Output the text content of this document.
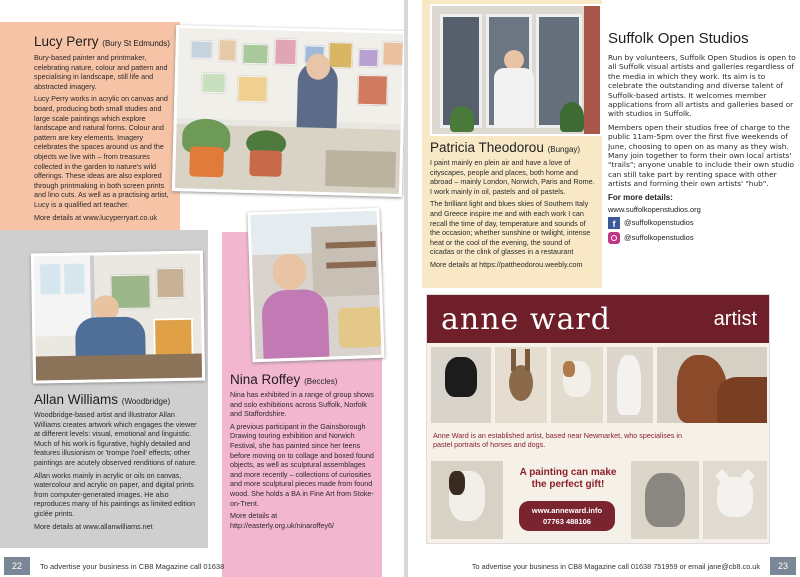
Lucy Perry (Bury St Edmunds)

Bury-based painter and printmaker, celebrating nature, colour and pattern and specialising in landscape, still life and abstracted imagery.

Lucy Perry works in acrylic on canvas and board, producing both small studies and large scale paintings which explore landscape and natural forms. Colour and pattern are key elements. Imagery celebrates the spaces around us and the objects we live with – from treasures collected in the garden to nature's wild offerings. These ideas are also explored through printmaking in both screen prints and lino cuts. As well as a practising artist, Lucy is a qualified art teacher.

More details at www.lucyperryart.co.uk

Allan Williams (Woodbridge)

Woodbridge-based artist and illustrator Allan Williams creates artwork which engages the viewer at different levels: visual, emotional and linguistic. Much of his work is figurative, highly detailed and features illusionism or 'trompe l'oeil' effects; other paintings are acutely observed renditions of nature.

Allan works mainly in acrylic or oils on canvas, watercolour and acrylic on paper, and digital prints from computer-generated images. He also reproduces many of his paintings as limited edition giclée prints.

More details at www.allanwilliams.net

Nina Roffey (Beccles)

Nina has exhibited in a range of group shows and solo exhibitions across Suffolk, Norfolk and Staffordshire.

A previous participant in the Gainsborough Drawing touring exhibition and Norwich Festival, she has painted since her teens before moving on to collage and boxed found objects, as well as sculptural assemblages and more recently – collections of curiosities and more sculptural pieces made from found wood. She holds a BA in Fine Art from Stoke-on-Trent.

More details at http://easterly.org.uk/ninaroffey6/

22	To advertise your business in CB8 Magazine call 01638
Patricia Theodorou (Bungay)

I paint mainly en plein air and have a love of cityscapes, people and places, both home and abroad – mainly London, Norwich, Paris and Rome. I work mainly in oil, pastels and oil pastels.

The brilliant light and blues skies of Southern Italy and Greece inspire me and with each work I can recall the time of day, temperature and sounds of the occasion; whether sunshine or twilight, intense heat or the cool of the evening, the sound of cicadas or the clink of glasses in a restaurant

More details at https://pattheodorou.weebly.com

Suffolk Open Studios

Run by volunteers, Suffolk Open Studios is open to all Suffolk visual artists and galleries regardless of the media in which they work. Its aim is to celebrate the outstanding and diverse talent of Suffolk-based artists. It welcomes member applications from all artists and galleries based or with studios in Suffolk.

Members open their studios free of charge to the public 11am-5pm over the first five weekends of June, choosing to open on as many as they wish. Many join together to form their own local artists' "trails"; anyone unable to include their own studio can still take part by renting space with other artists and forming their own artists' "hub".

For more details:
www.suffolkopenstudios.org
f	@suffolkopenstudios
@suffolkopenstudios
anne ward	artist
Anne Ward is an established artist, based near Newmarket, who specialises in pastel portraits of horses and dogs.
A painting can make the perfect gift!
www.anneward.info
07763 488106
To advertise your business in CB8 Magazine call 01638 751959 or email jane@cb8.co.uk	23
